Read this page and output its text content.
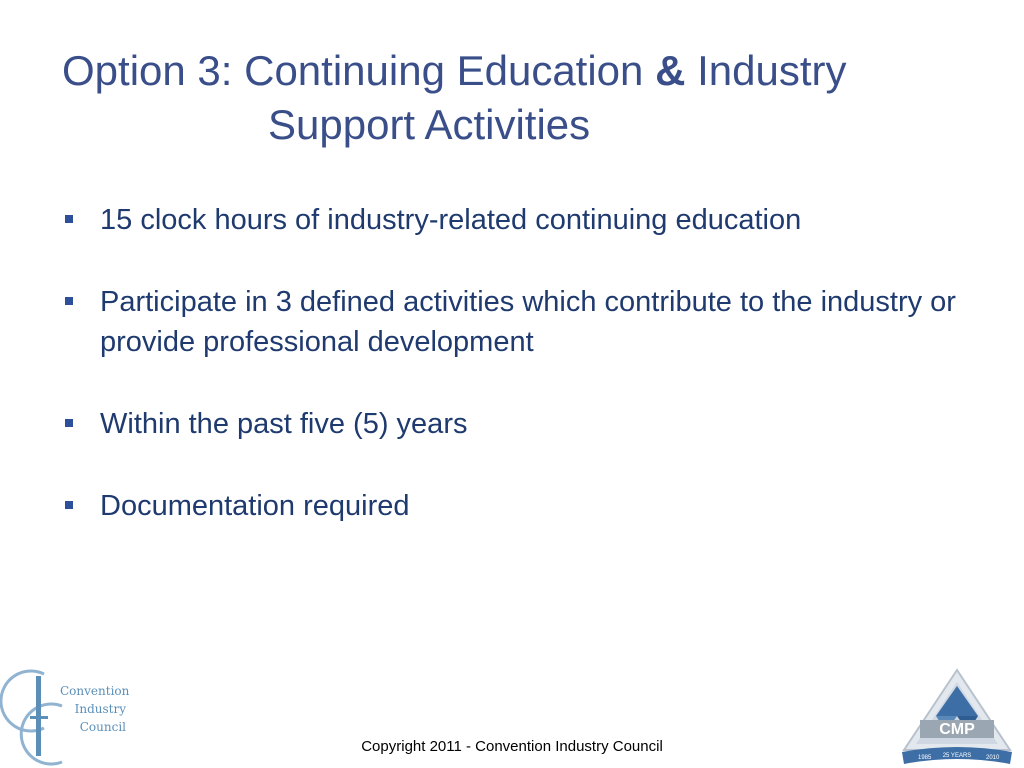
Option 3: Continuing Education & Industry
Support Activities
15 clock hours of industry-related continuing education
Participate in 3 defined activities which contribute to the industry or provide professional development
Within the past five (5) years
Documentation required
Convention
Industry
Council
Copyright 2011 - Convention Industry Council
CMP
1985 25 YEARS 2010
